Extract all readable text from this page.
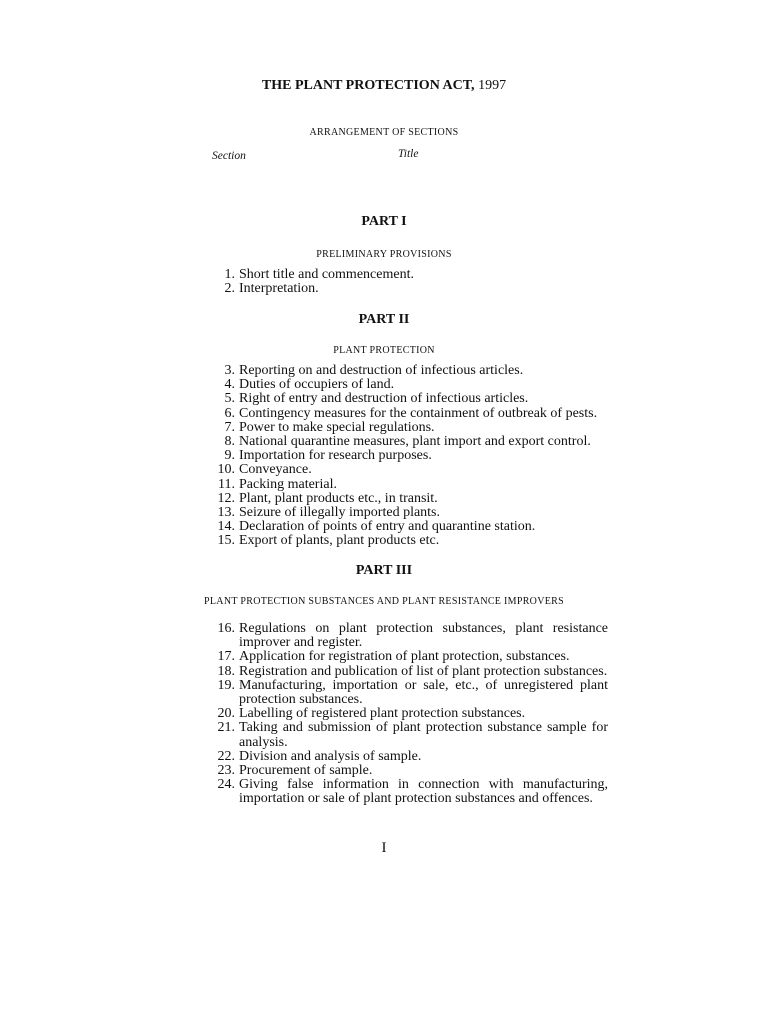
THE PLANT PROTECTION ACT, 1997
ARRANGEMENT OF SECTIONS
Section	Title
PART I
PRELIMINARY PROVISIONS
1. Short title and commencement.
2. Interpretation.
PART II
PLANT PROTECTION
3. Reporting on and destruction of infectious articles.
4. Duties of occupiers of land.
5. Right of entry and destruction of infectious articles.
6. Contingency measures for the containment of outbreak of pests.
7. Power to make special regulations.
8. National quarantine measures, plant import and export control.
9. Importation for research purposes.
10. Conveyance.
11. Packing material.
12. Plant, plant products etc., in transit.
13. Seizure of illegally imported plants.
14. Declaration of points of entry and quarantine station.
15. Export of plants, plant products etc.
PART III
PLANT PROTECTION SUBSTANCES AND PLANT RESISTANCE IMPROVERS
16. Regulations on plant protection substances, plant resistance improver and register.
17. Application for registration of plant protection, substances.
18. Registration and publication of list of plant protection substances.
19. Manufacturing, importation or sale, etc., of unregistered plant protection substances.
20. Labelling of registered plant protection substances.
21. Taking and submission of plant protection substance sample for analysis.
22. Division and analysis of sample.
23. Procurement of sample.
24. Giving false information in connection with manufacturing, importation or sale of plant protection substances and offences.
I
